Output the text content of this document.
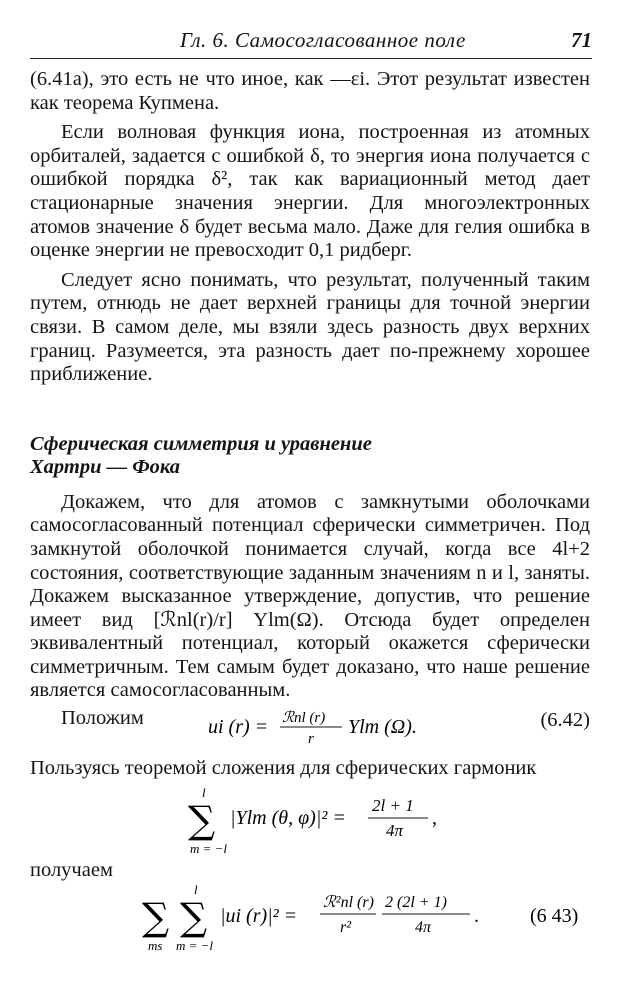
Гл. 6. Самосогласованное поле	71

(6.41а), это есть не что иное, как —εi. Этот результат известен как теорема Купмена.

Если волновая функция иона, построенная из атомных орбиталей, задается с ошибкой δ, то энергия иона получается с ошибкой порядка δ², так как вариационный метод дает стационарные значения энергии. Для многоэлектронных атомов значение δ будет весьма мало. Даже для гелия ошибка в оценке энергии не превосходит 0,1 ридберг.

Следует ясно понимать, что результат, полученный таким путем, отнюдь не дает верхней границы для точной энергии связи. В самом деле, мы взяли здесь разность двух верхних границ. Разумеется, эта разность дает по-прежнему хорошее приближение.

Сферическая симметрия и уравнение

Хартри — Фока

Докажем, что для атомов с замкнутыми оболочками самосогласованный потенциал сферически симметричен. Под замкнутой оболочкой понимается случай, когда все 4l+2 состояния, соответствующие заданным значениям n и l, заняты. Докажем высказанное утверждение, допустив, что решение имеет вид [ℛnl(r)/r] Ylm(Ω). Отсюда будет определен эквивалентный потенциал, который окажется сферически симметричным. Тем самым будет доказано, что наше решение является самосогласованным.

Положим	ui (r) = ℛnl (r)
r
Ylm (Ω).	(6.42)

Пользуясь теоремой сложения для сферических гармоник

l
∑
m = −l
|Ylm (θ, φ)|² =
2l + 1
4π
,

получаем

∑
ms
l
∑
m = −l
|ui (r)|² =
ℛ²nl (r)
r²
2 (2l + 1)
4π
.	(6 43)
